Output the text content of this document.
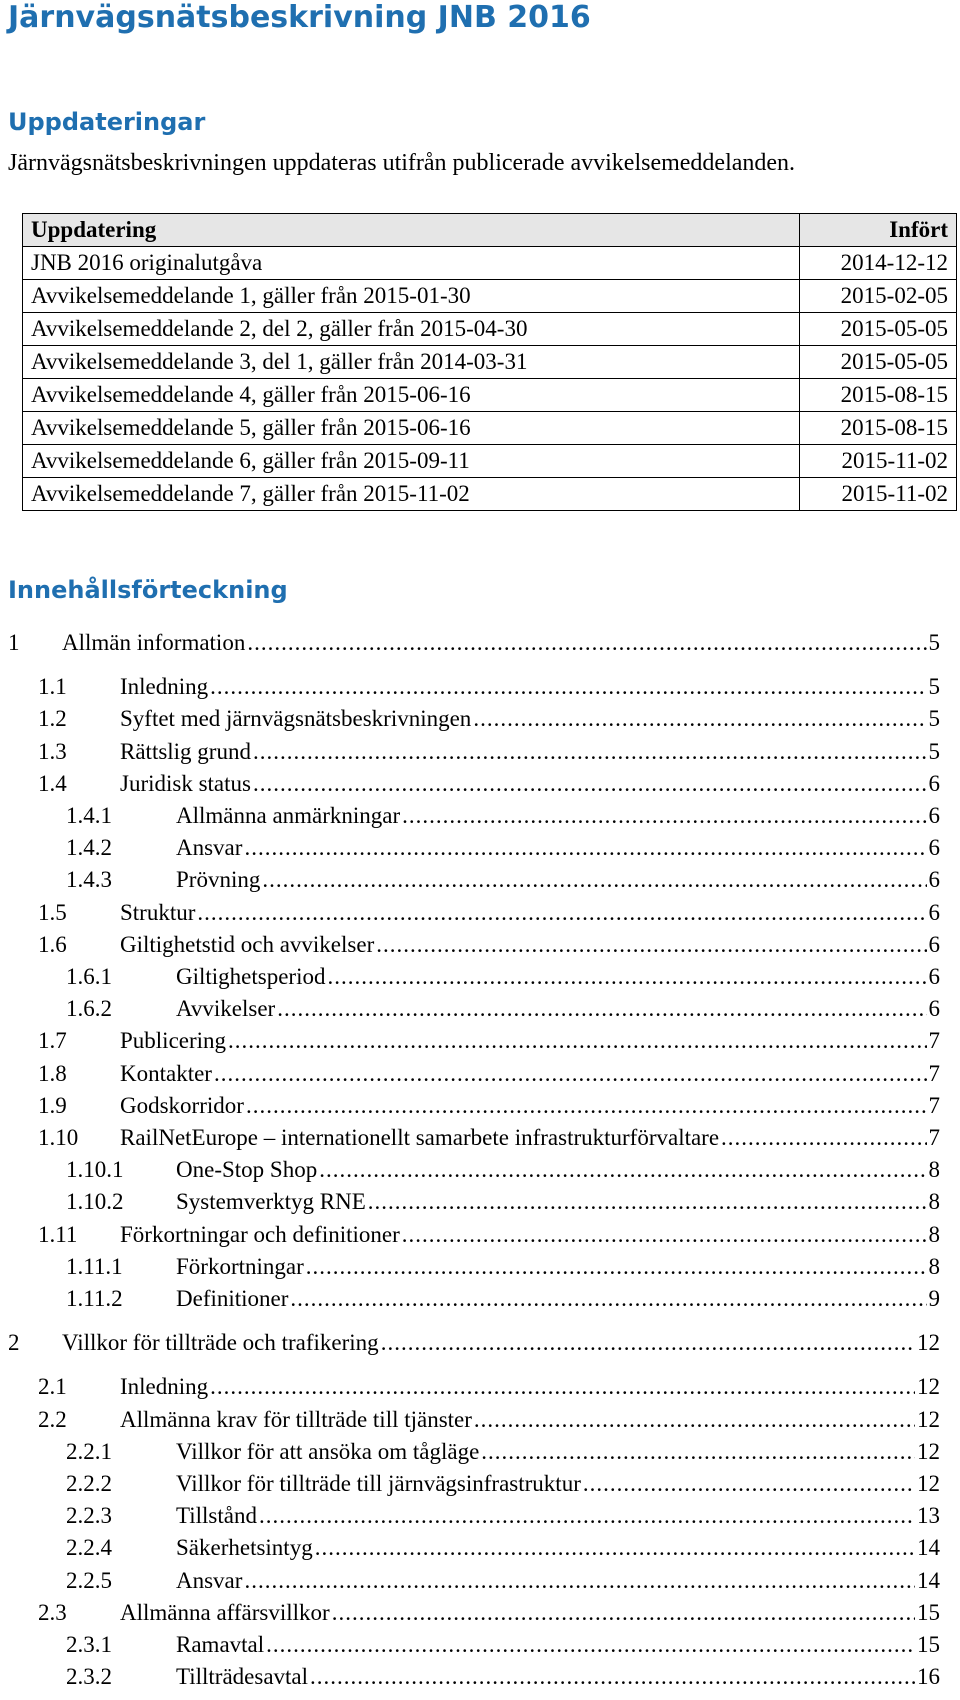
Järnvägsnätsbeskrivning JNB 2016
Uppdateringar
Järnvägsnätsbeskrivningen uppdateras utifrån publicerade avvikelsemeddelanden.
Uppdatering	Infört
JNB 2016 originalutgåva	2014-12-12
Avvikelsemeddelande 1, gäller från 2015-01-30	2015-02-05
Avvikelsemeddelande 2, del 2, gäller från 2015-04-30	2015-05-05
Avvikelsemeddelande 3, del 1, gäller från 2014-03-31	2015-05-05
Avvikelsemeddelande 4, gäller från 2015-06-16	2015-08-15
Avvikelsemeddelande 5, gäller från 2015-06-16	2015-08-15
Avvikelsemeddelande 6, gäller från 2015-09-11	2015-11-02
Avvikelsemeddelande 7, gäller från 2015-11-02	2015-11-02
Innehållsförteckning
1	Allmän information .....	5
1.1	Inledning .....	5
1.2	Syftet med järnvägsnätsbeskrivningen .....	5
1.3	Rättslig grund .....	5
1.4	Juridisk status .....	6
1.4.1	Allmänna anmärkningar .....	6
1.4.2	Ansvar .....	6
1.4.3	Prövning .....	6
1.5	Struktur .....	6
1.6	Giltighetstid och avvikelser .....	6
1.6.1	Giltighetsperiod .....	6
1.6.2	Avvikelser .....	6
1.7	Publicering .....	7
1.8	Kontakter .....	7
1.9	Godskorridor .....	7
1.10	RailNetEurope – internationellt samarbete infrastrukturförvaltare .....	7
1.10.1	One-Stop Shop .....	8
1.10.2	Systemverktyg RNE .....	8
1.11	Förkortningar och definitioner .....	8
1.11.1	Förkortningar .....	8
1.11.2	Definitioner .....	9
2	Villkor för tillträde och trafikering .....	12
2.1	Inledning .....	12
2.2	Allmänna krav för tillträde till tjänster .....	12
2.2.1	Villkor för att ansöka om tågläge .....	12
2.2.2	Villkor för tillträde till järnvägsinfrastruktur .....	12
2.2.3	Tillstånd .....	13
2.2.4	Säkerhetsintyg .....	14
2.2.5	Ansvar .....	14
2.3	Allmänna affärsvillkor .....	15
2.3.1	Ramavtal .....	15
2.3.2	Tillträdesavtal .....	16
